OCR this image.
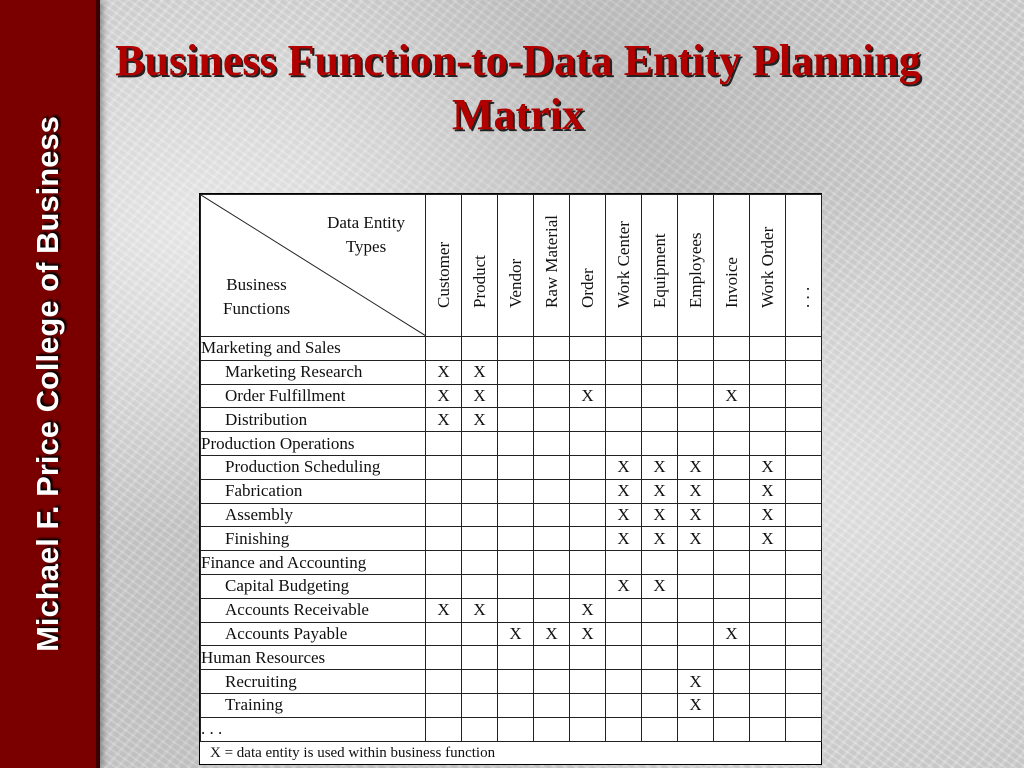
Michael F. Price College of Business
Business Function-to-Data Entity Planning
Matrix
Data Entity
Types
Business
Functions	Customer	Product	Vendor	Raw Material	Order	Work Center	Equipment	Employees	Invoice	Work Order	. . .

Marketing and Sales											
Marketing Research	X	X									
Order Fulfillment	X	X			X				X		
Distribution	X	X									
Production Operations											
Production Scheduling						X	X	X		X	
Fabrication						X	X	X		X	
Assembly						X	X	X		X	
Finishing						X	X	X		X	
Finance and Accounting											
Capital Budgeting						X	X				
Accounts Receivable	X	X			X						
Accounts Payable			X	X	X				X		
Human Resources											
Recruiting								X			
Training								X			
. . .											
X = data entity is used within business function
